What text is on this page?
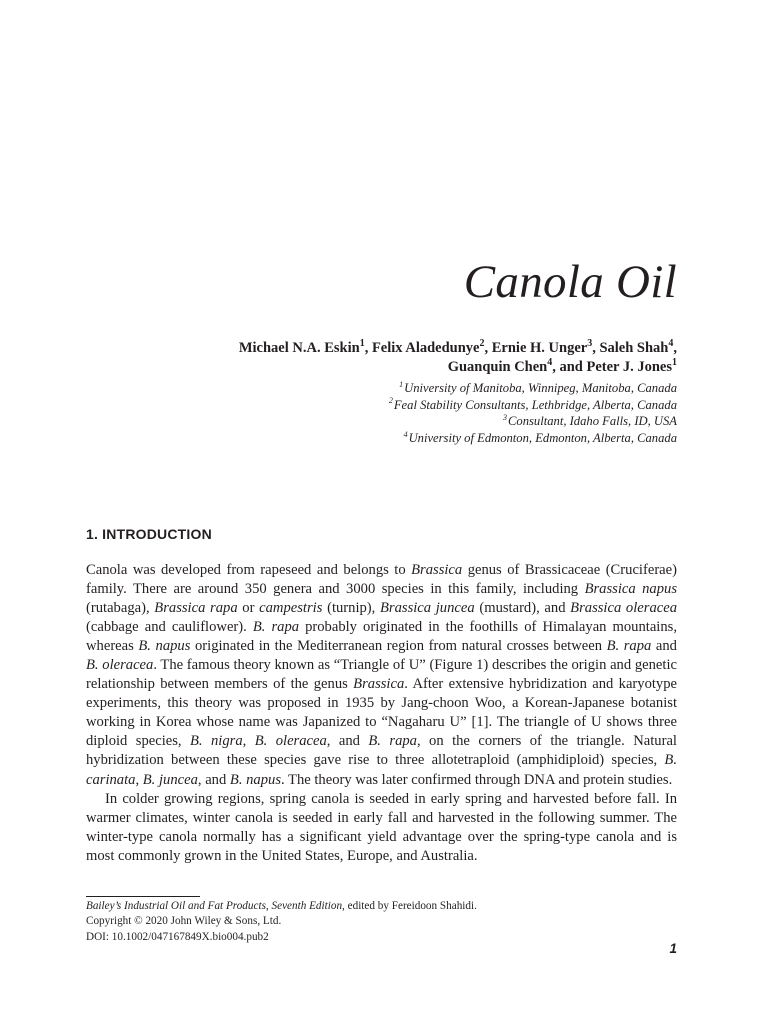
Canola Oil
Michael N.A. Eskin$^1$, Felix Aladedunye$^2$, Ernie H. Unger$^3$, Saleh Shah$^4$,
Guanquin Chen$^4$, and Peter J. Jones$^1$
$^1$University of Manitoba, Winnipeg, Manitoba, Canada
$^2$Feal Stability Consultants, Lethbridge, Alberta, Canada
$^3$Consultant, Idaho Falls, ID, USA
$^4$University of Edmonton, Edmonton, Alberta, Canada
1. INTRODUCTION

Canola was developed from rapeseed and belongs to Brassica genus of Brassicaceae (Cruciferae) family. There are around 350 genera and 3000 species in this family, including Brassica napus (rutabaga), Brassica rapa or campestris (turnip), Brassica juncea (mustard), and Brassica oleracea (cabbage and cauliflower). B. rapa probably originated in the foothills of Himalayan mountains, whereas B. napus originated in the Mediterranean region from natural crosses between B. rapa and B. oleracea. The famous theory known as “Triangle of U” (Figure 1) describes the origin and genetic relationship between members of the genus Brassica. After extensive hybridization and karyotype experiments, this theory was proposed in 1935 by Jang-choon Woo, a Korean-Japanese botanist working in Korea whose name was Japanized to “Nagaharu U” [1]. The triangle of U shows three diploid species, B. nigra, B. oleracea, and B. rapa, on the corners of the triangle. Natural hybridization between these species gave rise to three allotetraploid (amphidiploid) species, B. carinata, B. juncea, and B. napus. The theory was later confirmed through DNA and protein studies.

In colder growing regions, spring canola is seeded in early spring and harvested before fall. In warmer climates, winter canola is seeded in early fall and harvested in the following summer. The winter-type canola normally has a significant yield advantage over the spring-type canola and is most commonly grown in the United States, Europe, and Australia.

Bailey’s Industrial Oil and Fat Products, Seventh Edition, edited by Fereidoon Shahidi.
Copyright © 2020 John Wiley & Sons, Ltd.
DOI: 10.1002/047167849X.bio004.pub2
1
